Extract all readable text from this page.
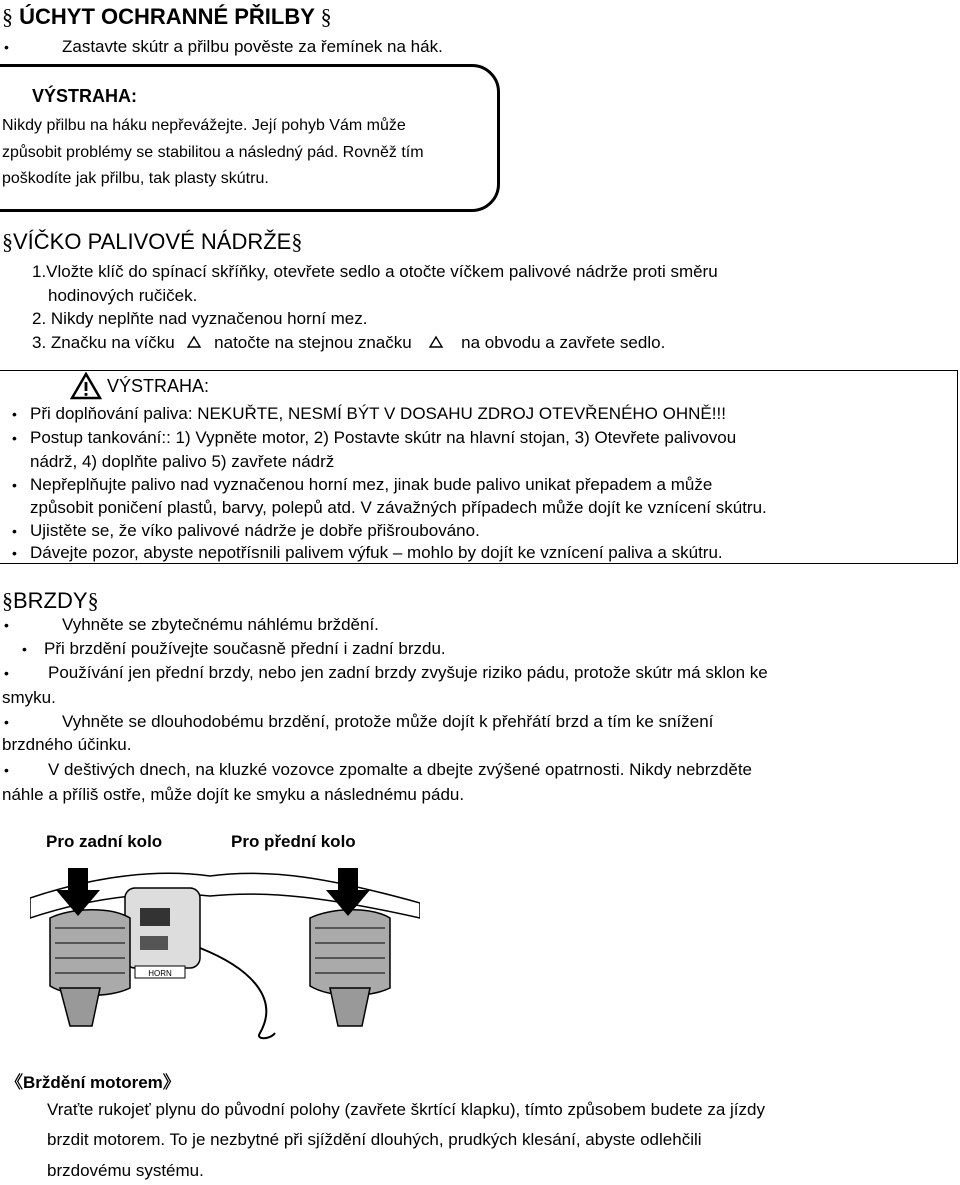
§ ÚCHYT OCHRANNÉ PŘILBY §
•	Zastavte skútr a přilbu pověste za řemínek na hák.
VÝSTRAHA:
Nikdy přilbu na háku nepřevážejte. Její pohyb Vám může
způsobit problémy se stabilitou a následný pád. Rovněž tím
poškodíte jak přilbu, tak plasty skútru.
§VÍČKO PALIVOVÉ NÁDRŽE§
1.Vložte klíč do spínací skříňky, otevřete sedlo a otočte víčkem palivové nádrže proti směru
hodinových ručiček.
2. Nikdy neplňte nad vyznačenou horní mez.
3. Značku na víčku natočte na stejnou značku	na obvodu a zavřete sedlo.
VÝSTRAHA:
• Při doplňování paliva: NEKUŘTE, NESMÍ BÝT V DOSAHU ZDROJ OTEVŘENÉHO OHNĚ!!!
• Postup tankování:: 1) Vypněte motor, 2) Postavte skútr na hlavní stojan, 3) Otevřete palivovou
nádrž, 4) doplňte palivo 5) zavřete nádrž
• Nepřeplňujte palivo nad vyznačenou horní mez, jinak bude palivo unikat přepadem a může
způsobit poničení plastů, barvy, polepů atd. V závažných případech může dojít ke vznícení skútru.
• Ujistěte se, že víko palivové nádrže je dobře přišroubováno.
• Dávejte pozor, abyste nepotřísnili palivem výfuk – mohlo by dojít ke vznícení paliva a skútru.
§BRZDY§
•	Vyhněte se zbytečnému náhlému brždění.
• Při brzdění používejte současně přední i zadní brzdu.
• Používání jen přední brzdy, nebo jen zadní brzdy zvyšuje riziko pádu, protože skútr má sklon ke
smyku.
•	Vyhněte se dlouhodobému brzdění, protože může dojít k přehřátí brzd a tím ke snížení
brzdného účinku.
• V deštivých dnech, na kluzké vozovce zpomalte a dbejte zvýšené opatrnosti. Nikdy nebrzděte
náhle a příliš ostře, může dojít ke smyku a následnému pádu.
Pro zadní kolo	Pro přední kolo
HORN
《Brždění motorem》
Vraťte rukojeť plynu do původní polohy (zavřete škrtící klapku), tímto způsobem budete za jízdy
brzdit motorem. To je nezbytné při sjíždění dlouhých, prudkých klesání, abyste odlehčili
brzdovému systému.
